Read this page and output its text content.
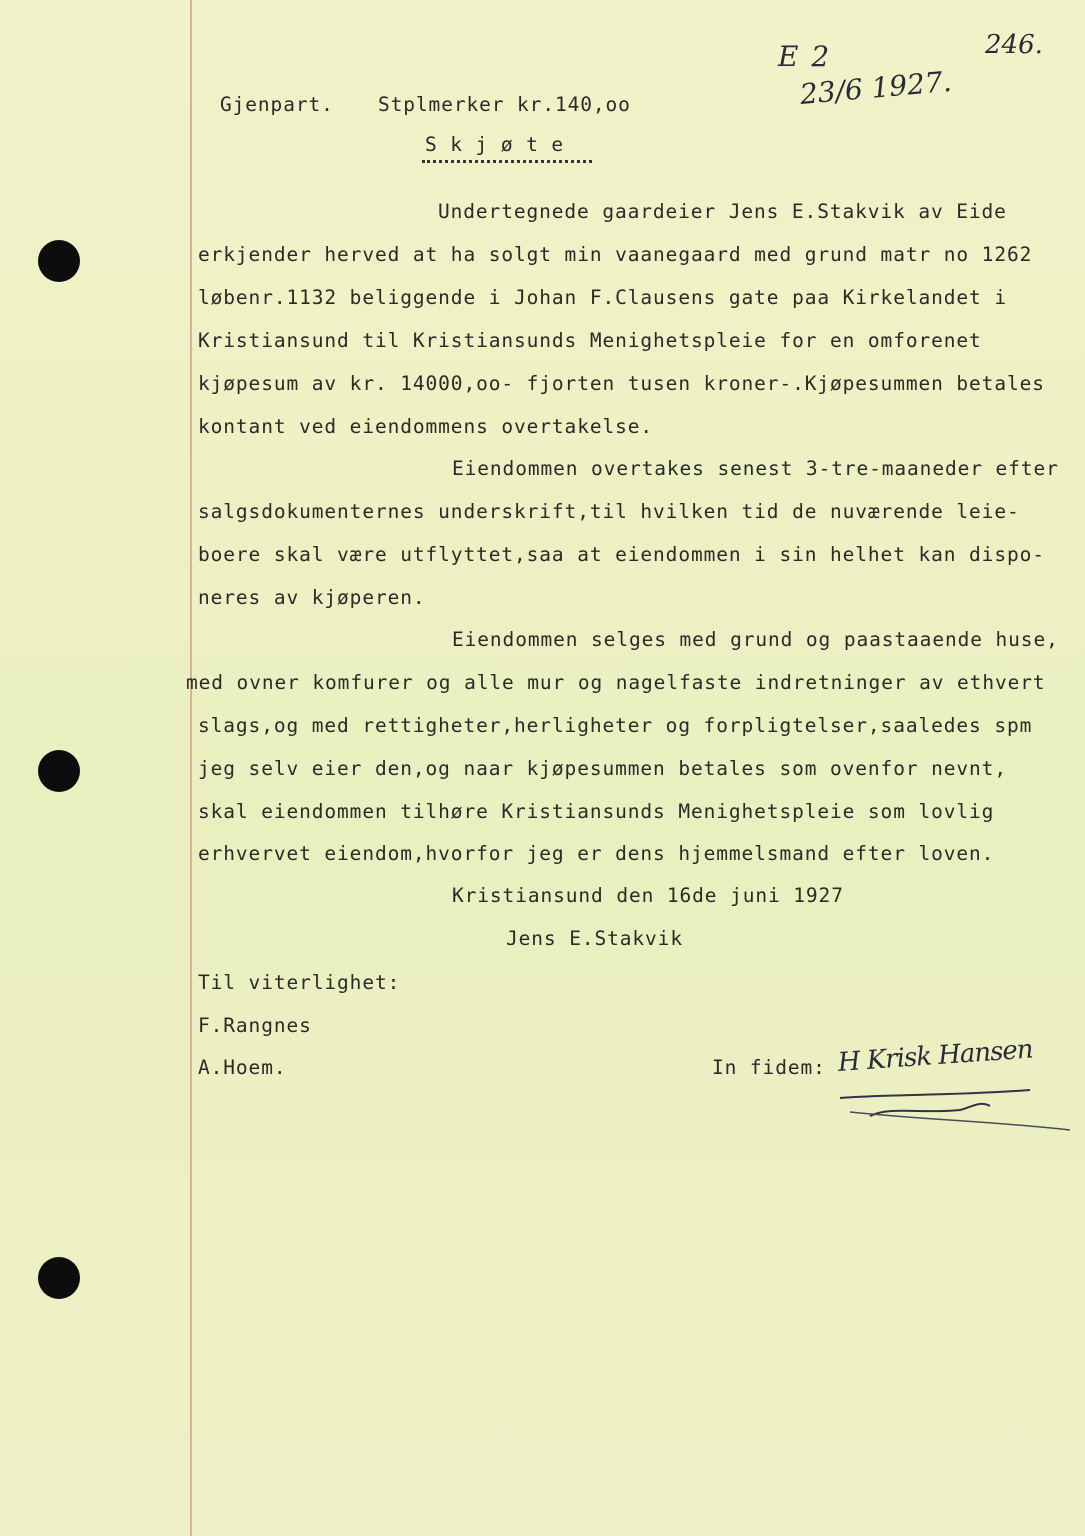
246.
E 2
23/6 1927.
Gjenpart. Stplmerker kr.140,oo
S k j ø t e
Undertegnede gaardeier Jens E.Stakvik av Eide
erkjender herved at ha solgt min vaanegaard med grund matr no 1262
løbenr.1132 beliggende i Johan F.Clausens gate paa Kirkelandet i
Kristiansund til Kristiansunds Menighetspleie for en omforenet
kjøpesum av kr. 14000,oo- fjorten tusen kroner-.Kjøpesummen betales
kontant ved eiendommens overtakelse.
Eiendommen overtakes senest 3-tre-maaneder efter
salgsdokumenternes underskrift,til hvilken tid de nuværende leie-
boere skal være utflyttet,saa at eiendommen i sin helhet kan dispo-
neres av kjøperen.
Eiendommen selges med grund og paastaaende huse,
med ovner komfurer og alle mur og nagelfaste indretninger av ethvert
slags,og med rettigheter,herligheter og forpligtelser,saaledes spm
jeg selv eier den,og naar kjøpesummen betales som ovenfor nevnt,
skal eiendommen tilhøre Kristiansunds Menighetspleie som lovlig
erhvervet eiendom,hvorfor jeg er dens hjemmelsmand efter loven.
Kristiansund den 16de juni 1927
Jens E.Stakvik
Til viterlighet:
F.Rangnes
A.Hoem.	In fidem: H Krisk Hansen
